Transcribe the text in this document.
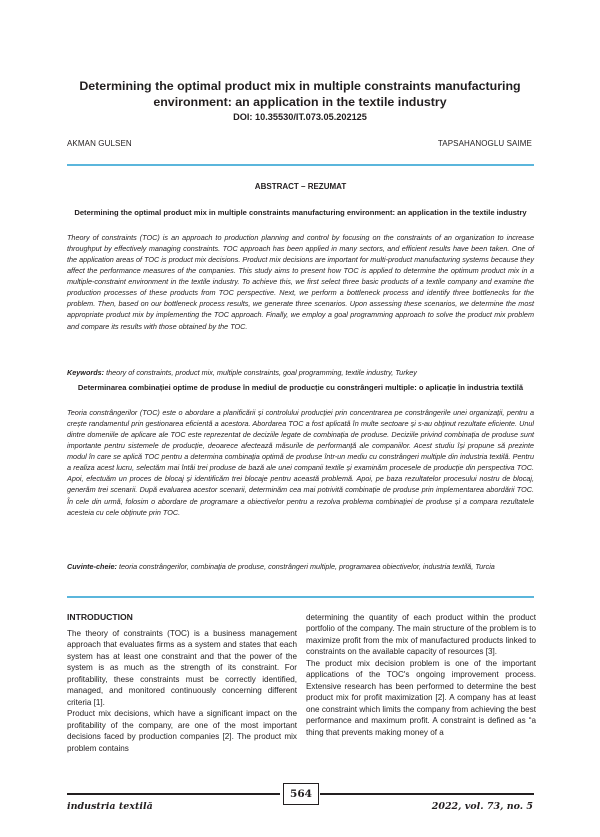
Determining the optimal product mix in multiple constraints manufacturing environment: an application in the textile industry
DOI: 10.35530/IT.073.05.202125
AKMAN GULSEN	TAPSAHANOGLU SAIME
ABSTRACT – REZUMAT
Determining the optimal product mix in multiple constraints manufacturing environment: an application in the textile industry

Theory of constraints (TOC) is an approach to production planning and control by focusing on the constraints of an organization to increase throughput by effectively managing constraints. TOC approach has been applied in many sectors, and efficient results have been taken. One of the application areas of TOC is product mix decisions. Product mix decisions are important for multi-product manufacturing systems because they affect the performance measures of the companies. This study aims to present how TOC is applied to determine the optimum product mix in a multiple-constraint environment in the textile industry. To achieve this, we first select three basic products of a textile company and examine the production processes of these products from TOC perspective. Next, we perform a bottleneck process and identify three bottlenecks for the problem. Then, based on our bottleneck process results, we generate three scenarios. Upon assessing these scenarios, we determine the most appropriate product mix by implementing the TOC approach. Finally, we employ a goal programming approach to solve the product mix problem and compare its results with those obtained by the TOC.

Keywords: theory of constraints, product mix, multiple constraints, goal programming, textile industry, Turkey
Determinarea combinației optime de produse în mediul de producție cu constrângeri multiple: o aplicație în industria textilă

Teoria constrângerilor (TOC) este o abordare a planificării și controlului producției prin concentrarea pe constrângerile unei organizații, pentru a crește randamentul prin gestionarea eficientă a acestora. Abordarea TOC a fost aplicată în multe sectoare și s-au obținut rezultate eficiente. Unul dintre domeniile de aplicare ale TOC este reprezentat de deciziile legate de combinația de produse. Deciziile privind combinația de produse sunt importante pentru sistemele de producție, deoarece afectează măsurile de performanță ale companiilor. Acest studiu își propune să prezinte modul în care se aplică TOC pentru a determina combinația optimă de produse într-un mediu cu constrângeri multiple din industria textilă. Pentru a realiza acest lucru, selectăm mai întâi trei produse de bază ale unei companii textile și examinăm procesele de producție din perspectiva TOC. Apoi, efectuăm un proces de blocaj și identificăm trei blocaje pentru această problemă. Apoi, pe baza rezultatelor procesului nostru de blocaj, generăm trei scenarii. După evaluarea acestor scenarii, determinăm cea mai potrivită combinație de produse prin implementarea abordării TOC. În cele din urmă, folosim o abordare de programare a obiectivelor pentru a rezolva problema combinației de produse și a compara rezultatele acesteia cu cele obținute prin TOC.

Cuvinte-cheie: teoria constrângerilor, combinația de produse, constrângeri multiple, programarea obiectivelor, industria textilă, Turcia
INTRODUCTION

The theory of constraints (TOC) is a business management approach that evaluates firms as a system and states that each system has at least one constraint and that the power of the system is as much as the strength of its constraint. For profitability, these constraints must be correctly identified, managed, and monitored continuously concerning different criteria [1].

Product mix decisions, which have a significant impact on the profitability of the company, are one of the most important decisions faced by production companies [2]. The product mix problem contains

determining the quantity of each product within the product portfolio of the company. The main structure of the problem is to maximize profit from the mix of manufactured products linked to constraints on the available capacity of resources [3].

The product mix decision problem is one of the important applications of the TOC's ongoing improvement process. Extensive research has been performed to determine the best product mix for profit maximization [2]. A company has at least one constraint which limits the company from achieving the best performance and maximum profit. A constraint is defined as “a thing that prevents making money of a

industria textilă
564
2022, vol. 73, no. 5
